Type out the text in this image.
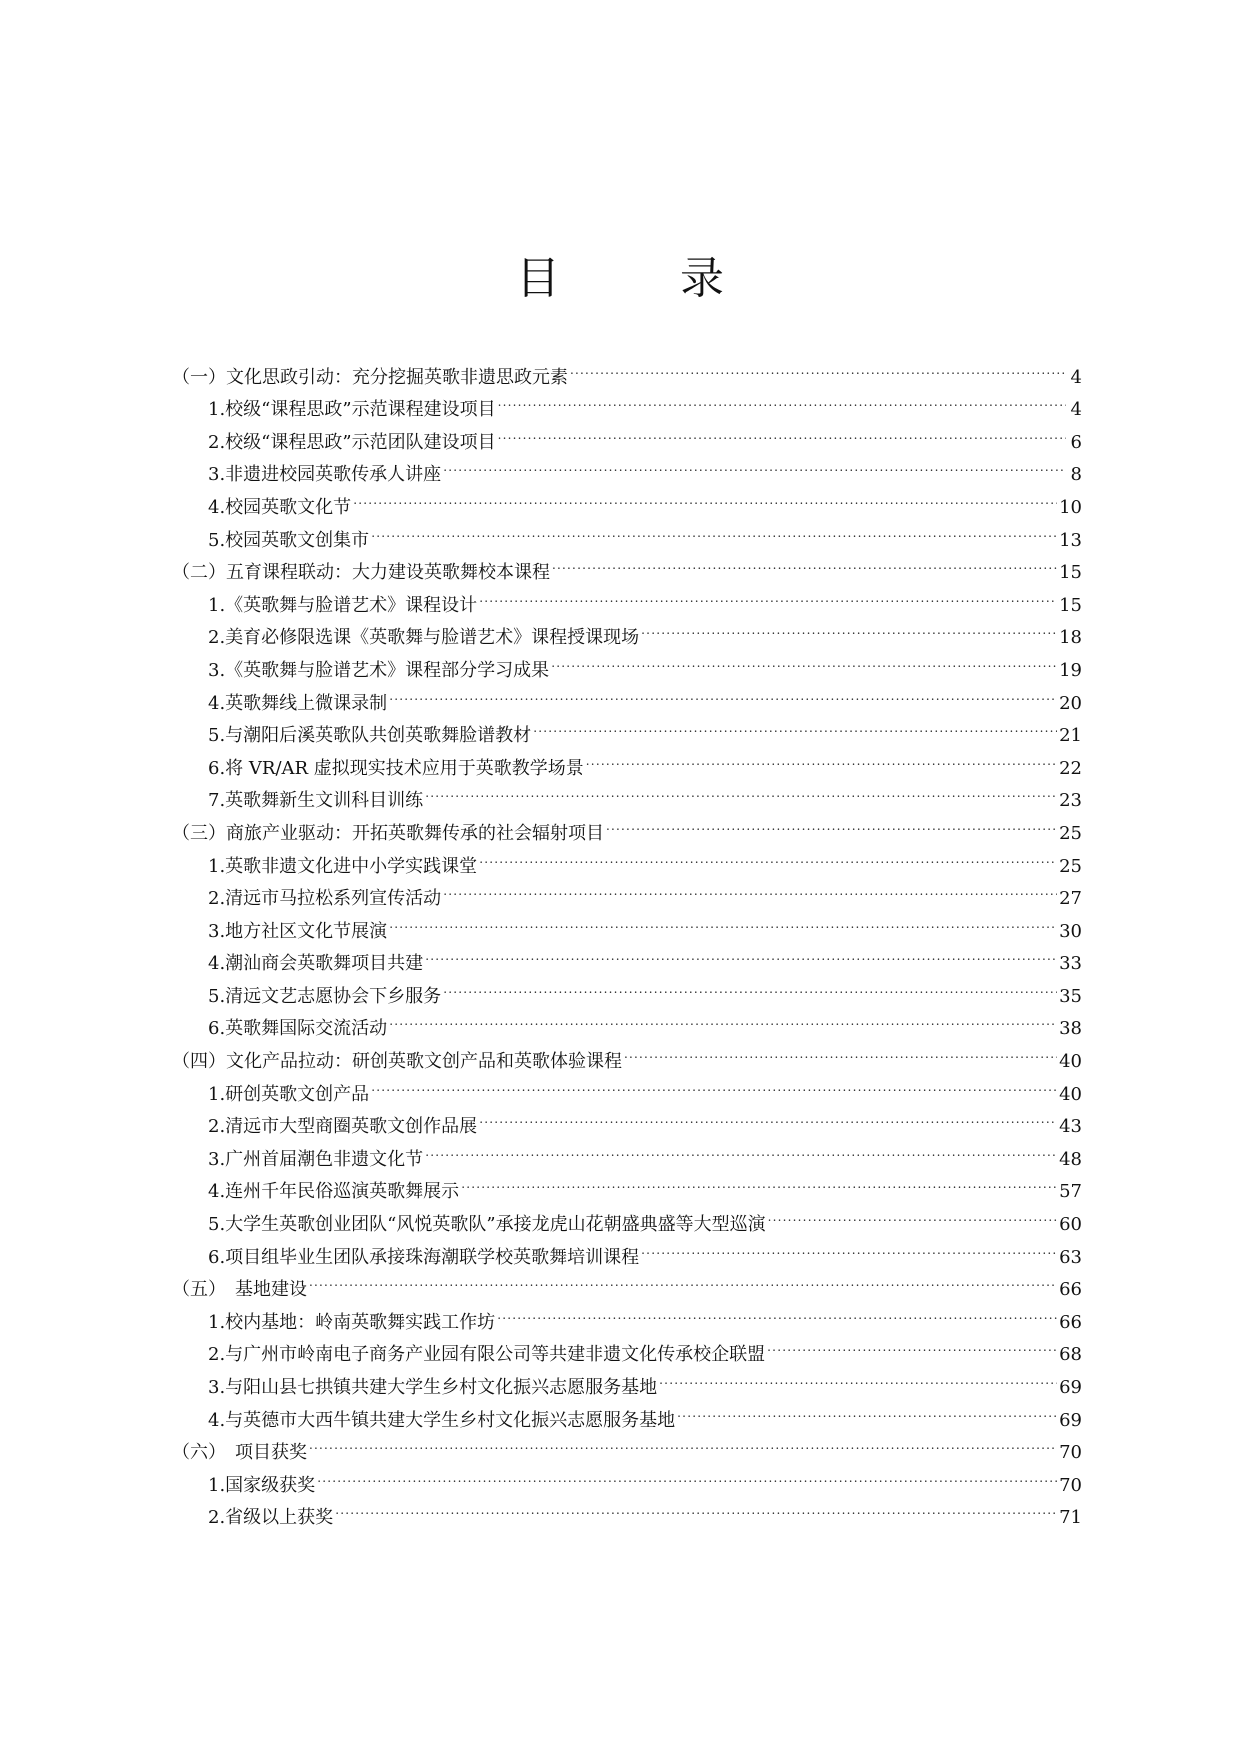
目　录
（一）文化思政引动：充分挖掘英歌非遗思政元素 .....	4
1.校级“课程思政”示范课程建设项目 .....	4
2.校级“课程思政”示范团队建设项目 .....	6
3.非遗进校园英歌传承人讲座 .....	8
4.校园英歌文化节 .....	10
5.校园英歌文创集市 .....	13
（二）五育课程联动：大力建设英歌舞校本课程 .....	15
1.《英歌舞与脸谱艺术》课程设计 .....	15
2.美育必修限选课《英歌舞与脸谱艺术》课程授课现场 .....	18
3.《英歌舞与脸谱艺术》课程部分学习成果 .....	19
4.英歌舞线上微课录制 .....	20
5.与潮阳后溪英歌队共创英歌舞脸谱教材 .....	21
6.将 VR/AR 虚拟现实技术应用于英歌教学场景 .....	22
7.英歌舞新生文训科目训练 .....	23
（三）商旅产业驱动：开拓英歌舞传承的社会辐射项目 .....	25
1.英歌非遗文化进中小学实践课堂 .....	25
2.清远市马拉松系列宣传活动 .....	27
3.地方社区文化节展演 .....	30
4.潮汕商会英歌舞项目共建 .....	33
5.清远文艺志愿协会下乡服务 .....	35
6.英歌舞国际交流活动 .....	38
（四）文化产品拉动：研创英歌文创产品和英歌体验课程 .....	40
1.研创英歌文创产品 .....	40
2.清远市大型商圈英歌文创作品展 .....	43
3.广州首届潮色非遗文化节 .....	48
4.连州千年民俗巡演英歌舞展示 .....	57
5.大学生英歌创业团队“风悦英歌队”承接龙虎山花朝盛典盛等大型巡演 .....	60
6.项目组毕业生团队承接珠海潮联学校英歌舞培训课程 .....	63
（五）　基地建设 .....	66
1.校内基地：岭南英歌舞实践工作坊 .....	66
2.与广州市岭南电子商务产业园有限公司等共建非遗文化传承校企联盟 .....	68
3.与阳山县七拱镇共建大学生乡村文化振兴志愿服务基地 .....	69
4.与英德市大西牛镇共建大学生乡村文化振兴志愿服务基地 .....	69
（六）　项目获奖 .....	70
1.国家级获奖 .....	70
2.省级以上获奖 .....	71
